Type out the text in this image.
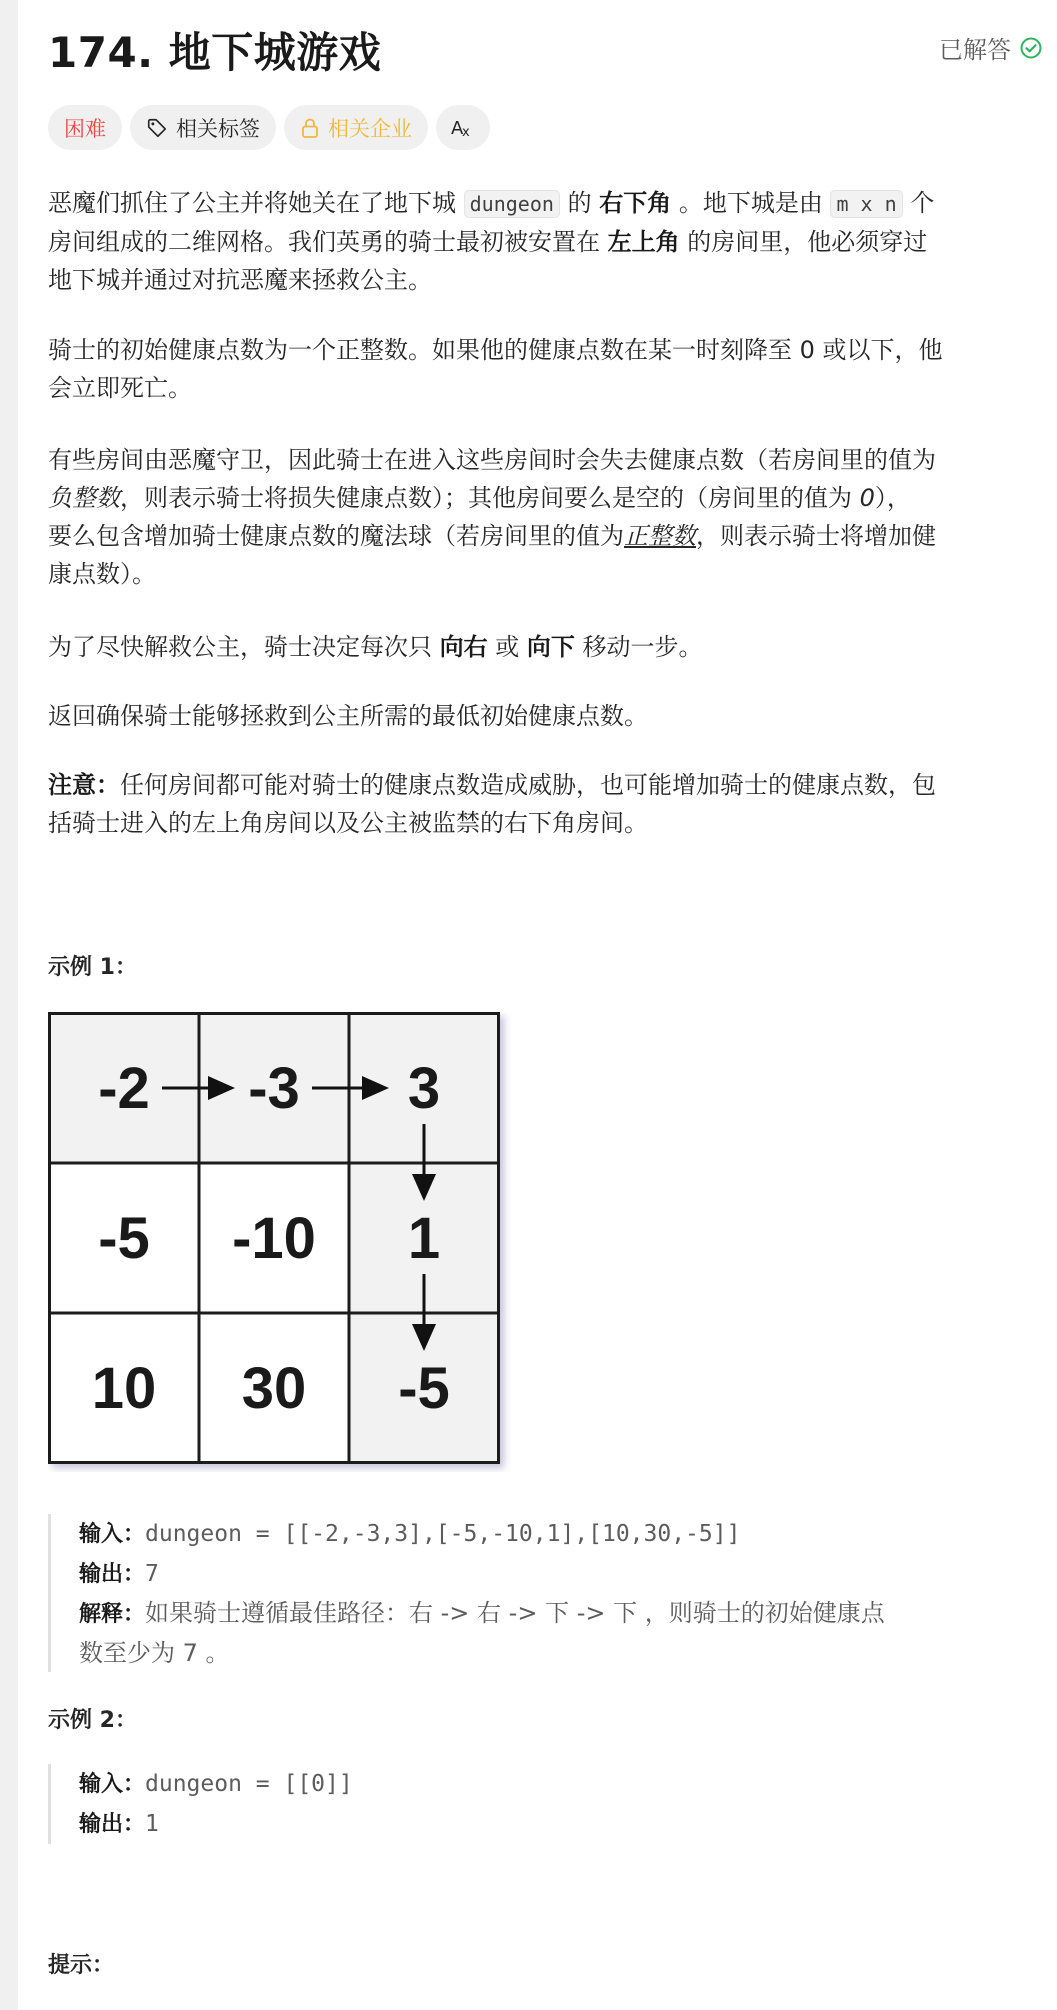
174. 地下城游戏	已解答
困难	相关标签	相关企业 A
x

恶魔们抓住了公主并将她关在了地下城 dungeon 的 右下角 。地下城是由 m x n 个

房间组成的二维网格。我们英勇的骑士最初被安置在 左上角 的房间里，他必须穿过

地下城并通过对抗恶魔来拯救公主。

骑士的初始健康点数为一个正整数。如果他的健康点数在某一时刻降至 0 或以下，他

会立即死亡。

有些房间由恶魔守卫，因此骑士在进入这些房间时会失去健康点数（若房间里的值为

负整数，则表示骑士将损失健康点数）；其他房间要么是空的（房间里的值为 0），

要么包含增加骑士健康点数的魔法球（若房间里的值为正整数，则表示骑士将增加健

康点数）。

为了尽快解救公主，骑士决定每次只 向右 或 向下 移动一步。

返回确保骑士能够拯救到公主所需的最低初始健康点数。

注意：任何房间都可能对骑士的健康点数造成威胁，也可能增加骑士的健康点数，包

括骑士进入的左上角房间以及公主被监禁的右下角房间。

示例 1：
-2 -3 3
-5 -10 1
10 30 -5
输入：dungeon = [[-2,-3,3],[-5,-10,1],[10,30,-5]]
输出：7
解释：如果骑士遵循最佳路径：右 -> 右 -> 下 -> 下 ，则骑士的初始健康点
数至少为 7 。
示例 2：
输入：dungeon = [[0]]
输出：1
提示：
